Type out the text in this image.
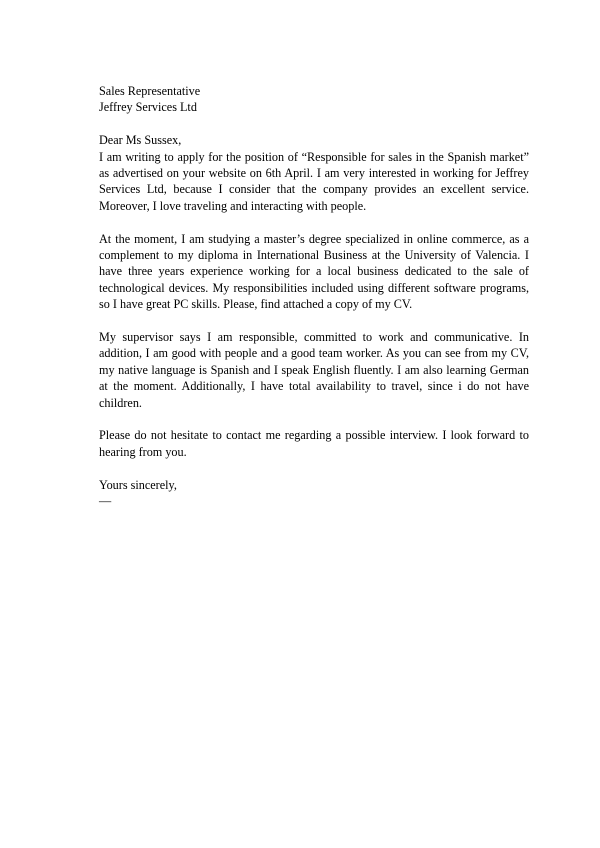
Sales Representative
Jeffrey Services Ltd
Dear Ms Sussex,

I am writing to apply for the position of “Responsible for sales in the Spanish market” as advertised on your website on 6th April. I am very interested in working for Jeffrey Services Ltd, because I consider that the company provides an excellent service. Moreover, I love traveling and interacting with people.

At the moment, I am studying a master’s degree specialized in online commerce, as a complement to my diploma in International Business at the University of Valencia. I have three years experience working for a local business dedicated to the sale of technological devices. My responsibilities included using different software programs, so I have great PC skills. Please, find attached a copy of my CV.

My supervisor says I am responsible, committed to work and communicative. In addition, I am good with people and a good team worker. As you can see from my CV, my native language is Spanish and I speak English fluently. I am also learning German at the moment. Additionally, I have total availability to travel, since i do not have children.

Please do not hesitate to contact me regarding a possible interview. I look forward to hearing from you.

Yours sincerely,
—
